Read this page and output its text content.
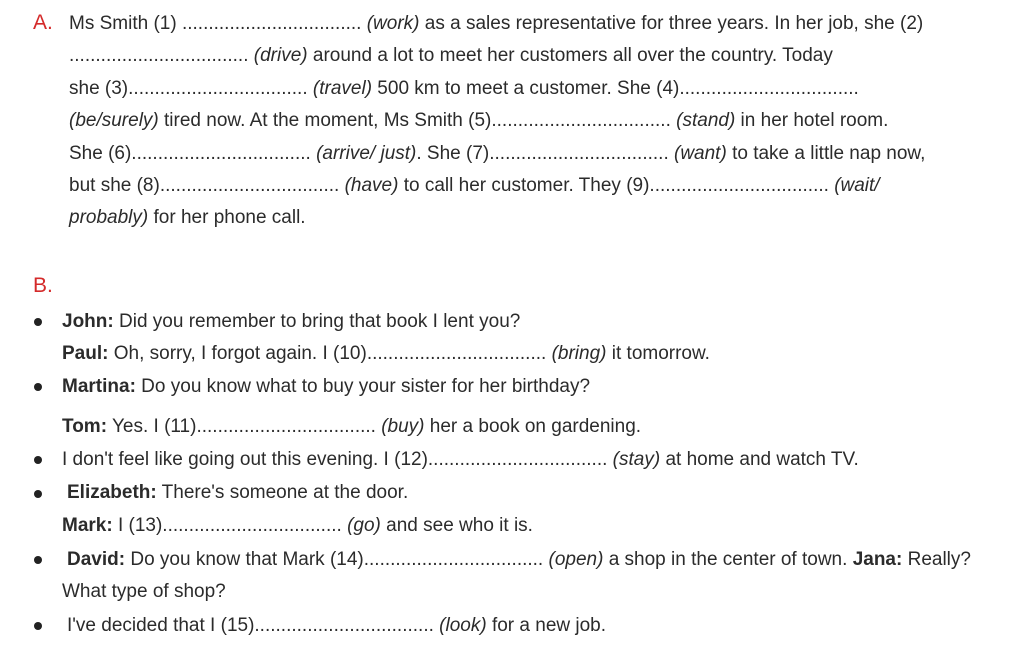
A. Ms Smith (1) .................................. (work) as a sales representative for three years. In her job, she (2)
.................................. (drive) around a lot to meet her customers all over the country. Today
she (3).................................. (travel) 500 km to meet a customer. She (4)..................................
(be/surely) tired now. At the moment, Ms Smith (5).................................. (stand) in her hotel room.
She (6).................................. (arrive/ just). She (7).................................. (want) to take a little nap now,
but she (8).................................. (have) to call her customer. They (9).................................. (wait/
probably) for her phone call.
B.
John: Did you remember to bring that book I lent you?
Paul: Oh, sorry, I forgot again. I (10).................................. (bring) it tomorrow.
Martina: Do you know what to buy your sister for her birthday?
Tom: Yes. I (11).................................. (buy) her a book on gardening.
I don't feel like going out this evening. I (12).................................. (stay) at home and watch TV.
Elizabeth: There's someone at the door.
Mark: I (13).................................. (go) and see who it is.
David: Do you know that Mark (14).................................. (open) a shop in the center of town. Jana: Really?
What type of shop?
I've decided that I (15).................................. (look) for a new job.
